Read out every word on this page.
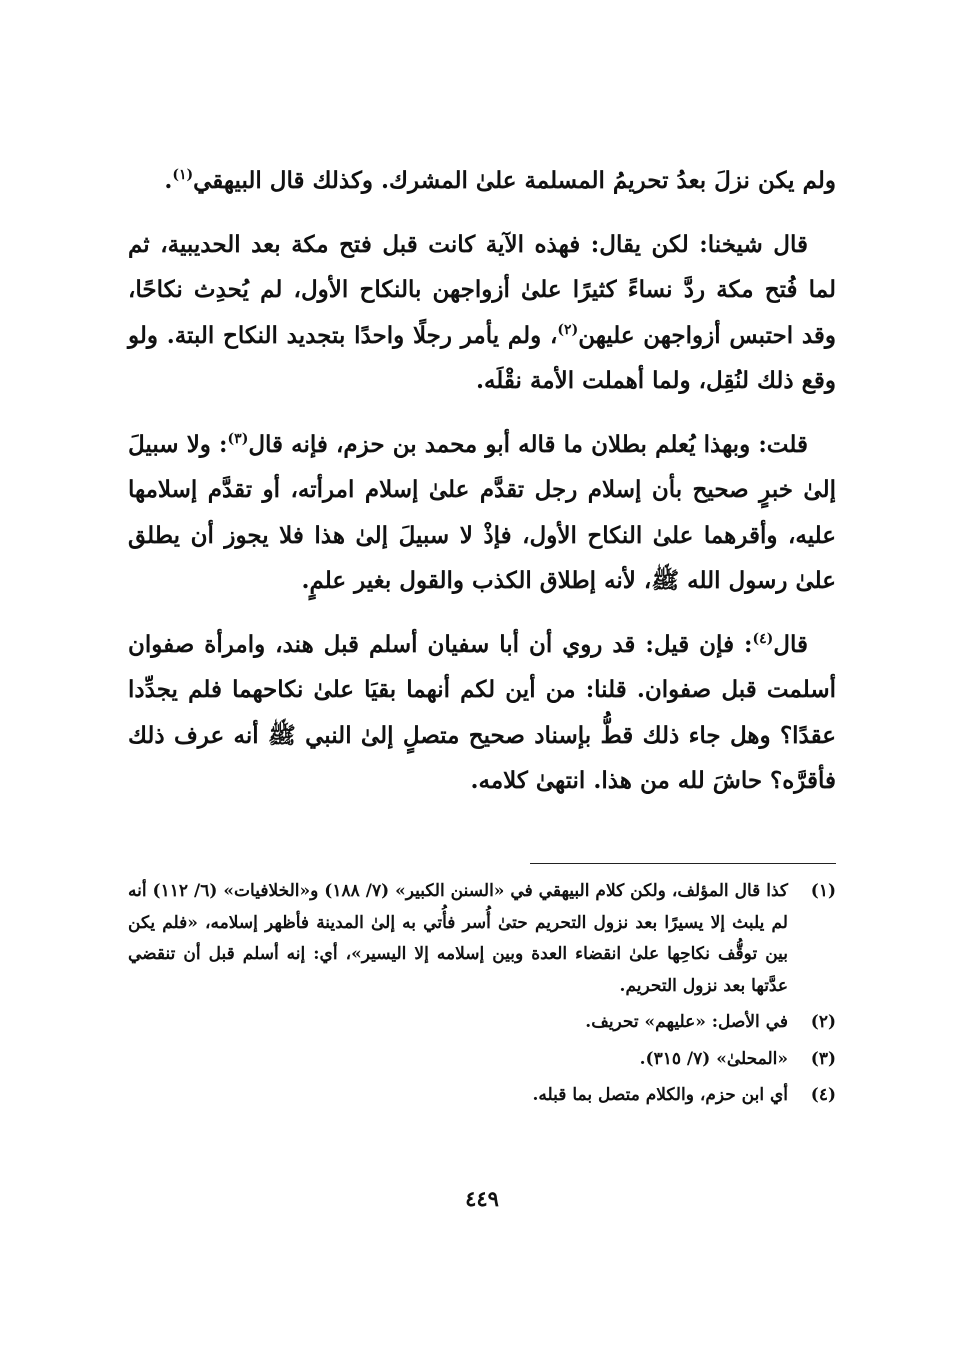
ولم يكن نزلَ بعدُ تحريمُ المسلمة علىٰ المشرك. وكذلك قال البيهقي$^{(١)}$.

قال شيخنا: لكن يقال: فهذه الآية كانت قبل فتح مكة بعد الحديبية، ثم لما فُتح مكة ردَّ نساءً كثيرًا علىٰ أزواجهن بالنكاح الأول، لم يُحدِث نكاحًا، وقد احتبس أزواجهن عليهن$^{(٢)}$، ولم يأمر رجلًا واحدًا بتجديد النكاح البتة. ولو وقع ذلك لنُقِل، ولما أهملت الأمة نقْلَه.

قلت: وبهذا يُعلم بطلان ما قاله أبو محمد بن حزم، فإنه قال$^{(٣)}$: ولا سبيلَ إلىٰ خبرٍ صحيح بأن إسلام رجل تقدَّم علىٰ إسلام امرأته، أو تقدَّم إسلامها عليه، وأقرهما علىٰ النكاح الأول، فإذْ لا سبيلَ إلىٰ هذا فلا يجوز أن يطلق علىٰ رسول الله ﷺ، لأنه إطلاق الكذب والقول بغير علمٍ.

قال$^{(٤)}$: فإن قيل: قد روي أن أبا سفيان أسلم قبل هند، وامرأة صفوان أسلمت قبل صفوان. قلنا: من أين لكم أنهما بقيَا علىٰ نكاحهما فلم يجدِّدا عقدًا؟ وهل جاء ذلك قطُّ بإسناد صحيح متصلٍ إلىٰ النبي ﷺ أنه عرف ذلك فأقرَّه؟ حاشَ لله من هذا. انتهىٰ كلامه.

(١)
كذا قال المؤلف، ولكن كلام البيهقي في «السنن الكبير» (٧/ ١٨٨) و«الخلافيات» (٦/ ١١٢) أنه لم يلبث إلا يسيرًا بعد نزول التحريم حتىٰ أُسر فأُتي به إلىٰ المدينة فأظهر إسلامه، «فلم يكن بين توقُّف نكاحِها علىٰ انقضاء العدة وبين إسلامه إلا اليسير»، أي: إنه أسلم قبل أن تنقضي عدَّتها بعد نزول التحريم.
(٢)
في الأصل: «عليهم» تحريف.
(٣)
«المحلىٰ» (٧/ ٣١٥).
(٤)
أي ابن حزم، والكلام متصل بما قبله.
٤٤٩
